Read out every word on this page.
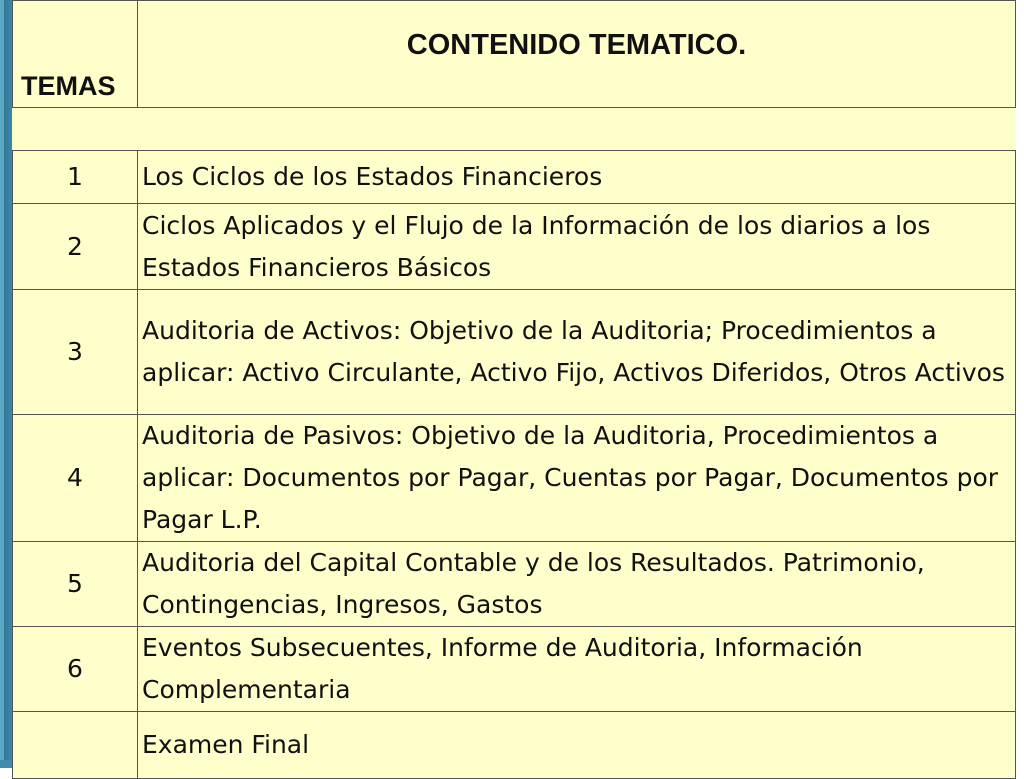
TEMAS	CONTENIDO TEMATICO.

1	Los Ciclos de los Estados Financieros
2	Ciclos Aplicados y el Flujo de la Información de los diarios a los Estados Financieros Básicos
3	Auditoria de Activos: Objetivo de la Auditoria; Procedimientos a aplicar: Activo Circulante, Activo Fijo, Activos Diferidos, Otros Activos
4	Auditoria de Pasivos: Objetivo de la Auditoria, Procedimientos a aplicar: Documentos por Pagar, Cuentas por Pagar, Documentos por Pagar L.P.
5	Auditoria del Capital Contable y de los Resultados. Patrimonio, Contingencias, Ingresos, Gastos
6	Eventos Subsecuentes, Informe de Auditoria, Información Complementaria
	Examen Final
